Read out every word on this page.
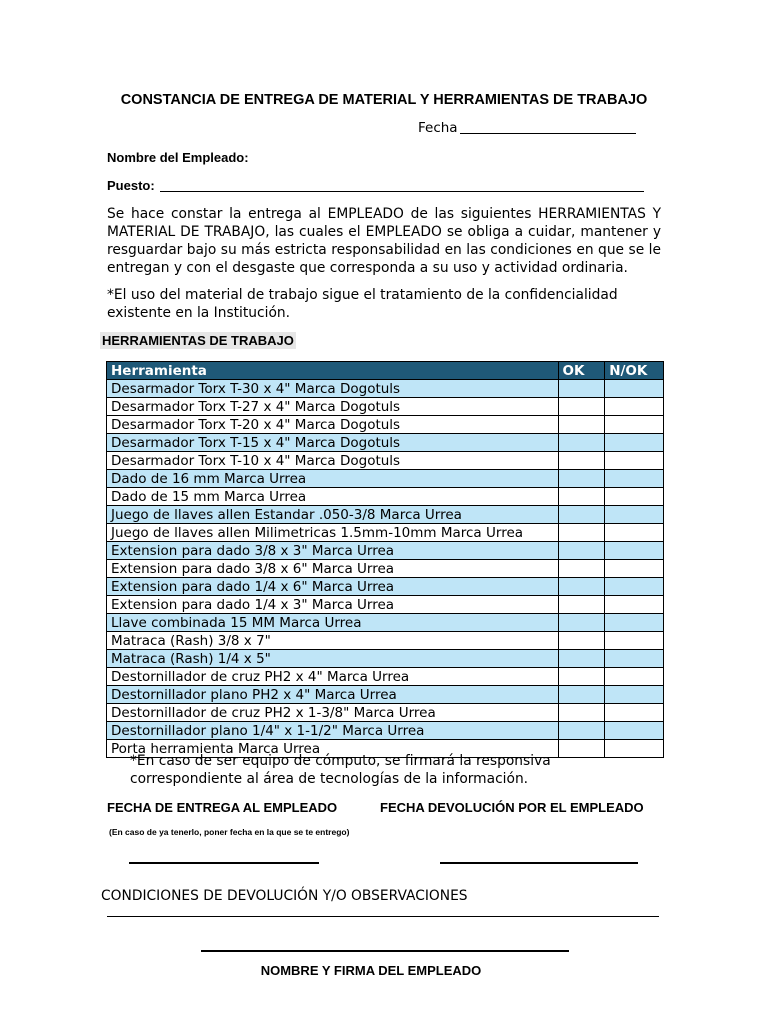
CONSTANCIA DE ENTREGA DE MATERIAL Y HERRAMIENTAS DE TRABAJO
Fecha
Nombre del Empleado:
Puesto:
Se hace constar la entrega al EMPLEADO de las siguientes HERRAMIENTAS Y MATERIAL DE TRABAJO, las cuales el EMPLEADO se obliga a cuidar, mantener y resguardar bajo su más estricta responsabilidad en las condiciones en que se le entregan y con el desgaste que corresponda a su uso y actividad ordinaria.
*El uso del material de trabajo sigue el tratamiento de la confidencialidad existente en la Institución.
HERRAMIENTAS DE TRABAJO
Herramienta	OK	N/OK
Desarmador Torx T-30 x 4" Marca Dogotuls		
Desarmador Torx T-27 x 4" Marca Dogotuls		
Desarmador Torx T-20 x 4" Marca Dogotuls		
Desarmador Torx T-15 x 4" Marca Dogotuls		
Desarmador Torx T-10 x 4" Marca Dogotuls		
Dado de 16 mm Marca Urrea		
Dado de 15 mm Marca Urrea		
Juego de llaves allen Estandar .050-3/8 Marca Urrea		
Juego de llaves allen Milimetricas 1.5mm-10mm Marca Urrea		
Extension para dado 3/8 x 3" Marca Urrea		
Extension para dado 3/8 x 6" Marca Urrea		
Extension para dado 1/4 x 6" Marca Urrea		
Extension para dado 1/4 x 3" Marca Urrea		
Llave combinada 15 MM Marca Urrea		
Matraca (Rash) 3/8 x 7"		
Matraca (Rash) 1/4 x 5"		
Destornillador de cruz PH2 x 4" Marca Urrea		
Destornillador plano PH2 x 4" Marca Urrea		
Destornillador de cruz PH2 x 1-3/8" Marca Urrea		
Destornillador plano 1/4" x 1-1/2" Marca Urrea		
Porta herramienta Marca Urrea		
*En caso de ser equipo de cómputo, se firmará la responsiva correspondiente al área de tecnologías de la información.
FECHA DE ENTREGA AL EMPLEADO	FECHA DEVOLUCIÓN POR EL EMPLEADO
(En caso de ya tenerlo, poner fecha en la que se te entrego)
CONDICIONES DE DEVOLUCIÓN Y/O OBSERVACIONES
NOMBRE Y FIRMA DEL EMPLEADO
